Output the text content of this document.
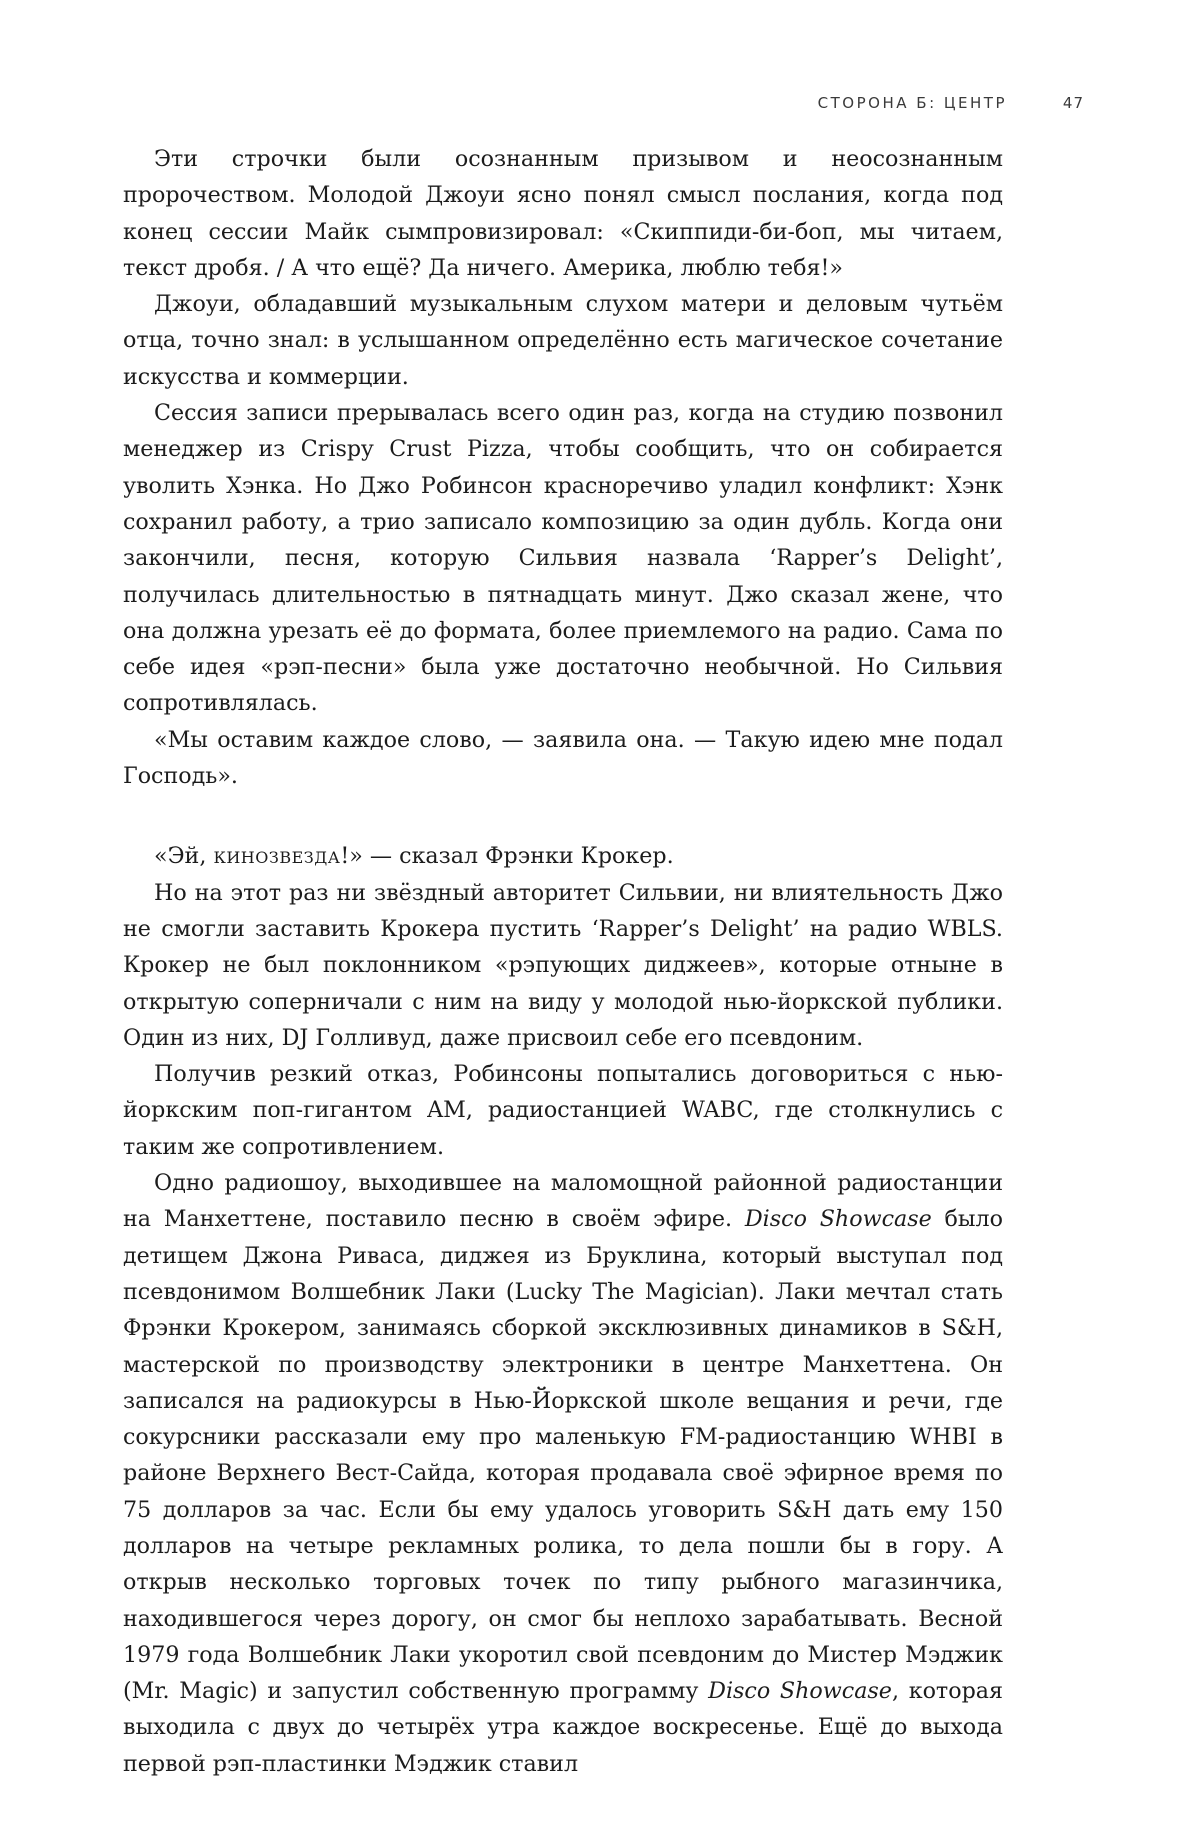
СТОРОНА Б: ЦЕНТР	47

Эти строчки были осознанным призывом и неосознанным пророчеством. Молодой Джоуи ясно понял смысл послания, когда под конец сессии Майк сымпровизировал: «Скиппиди-би-боп, мы читаем, текст дробя. / А что ещё? Да ничего. Америка, люблю тебя!»

Джоуи, обладавший музыкальным слухом матери и деловым чутьём отца, точно знал: в услышанном определённо есть магическое сочетание искусства и коммерции.

Сессия записи прерывалась всего один раз, когда на студию позвонил менеджер из Crispy Crust Pizza, чтобы сообщить, что он собирается уволить Хэнка. Но Джо Робинсон красноречиво уладил конфликт: Хэнк сохранил работу, а трио записало композицию за один дубль. Когда они закончили, песня, которую Сильвия назвала ‘Rapper’s Delight’, получилась длительностью в пятнадцать минут. Джо сказал жене, что она должна урезать её до формата, более приемлемого на радио. Сама по себе идея «рэп-песни» была уже достаточно необычной. Но Сильвия сопротивлялась.

«Мы оставим каждое слово, — заявила она. — Такую идею мне подал Господь».

«Эй, кинозвезда!» — сказал Фрэнки Крокер.

Но на этот раз ни звёздный авторитет Сильвии, ни влиятельность Джо не смогли заставить Крокера пустить ‘Rapper’s Delight’ на радио WBLS. Крокер не был поклонником «рэпующих диджеев», которые отныне в открытую соперничали с ним на виду у молодой нью-йоркской публики. Один из них, DJ Голливуд, даже присвоил себе его псевдоним.

Получив резкий отказ, Робинсоны попытались договориться с нью-йоркским поп-гигантом AM, радиостанцией WABC, где столкнулись с таким же сопротивлением.

Одно радиошоу, выходившее на маломощной районной радиостанции на Манхеттене, поставило песню в своём эфире. Disco Showcase было детищем Джона Риваса, диджея из Бруклина, который выступал под псевдонимом Волшебник Лаки (Lucky The Magician). Лаки мечтал стать Фрэнки Крокером, занимаясь сборкой эксклюзивных динамиков в S&H, мастерской по производству электроники в центре Манхеттена. Он записался на радиокурсы в Нью-Йоркской школе вещания и речи, где сокурсники рассказали ему про маленькую FM-радиостанцию WHBI в районе Верхнего Вест-Сайда, которая продавала своё эфирное время по 75 долларов за час. Если бы ему удалось уговорить S&H дать ему 150 долларов на четыре рекламных ролика, то дела пошли бы в гору. А открыв несколько торговых точек по типу рыбного магазинчика, находившегося через дорогу, он смог бы неплохо зарабатывать. Весной 1979 года Волшебник Лаки укоротил свой псевдоним до Мистер Мэджик (Mr. Magic) и запустил собственную программу Disco Showcase, которая выходила с двух до четырёх утра каждое воскресенье. Ещё до выхода первой рэп-пластинки Мэджик ставил
